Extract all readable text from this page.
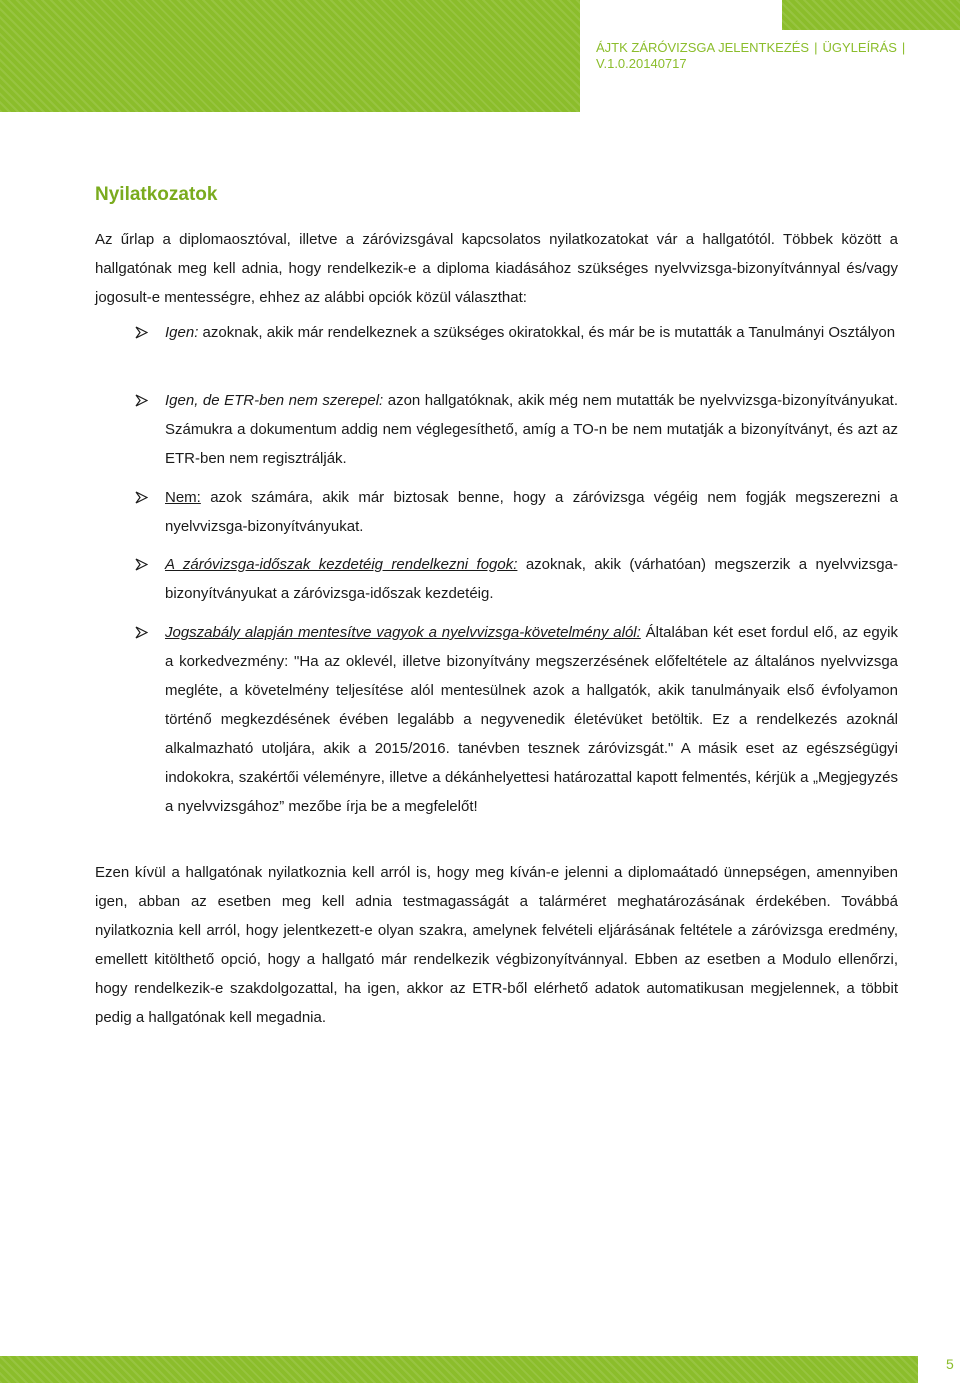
ÁJTK ZÁRÓVIZSGA JELENTKEZÉS | ÜGYLEÍRÁS |
V.1.0.20140717
Nyilatkozatok

Az űrlap a diplomaosztóval, illetve a záróvizsgával kapcsolatos nyilatkozatokat vár a hallgatótól. Többek között a hallgatónak meg kell adnia, hogy rendelkezik-e a diploma kiadásához szükséges nyelvvizsga-bizonyítvánnyal és/vagy jogosult-e mentességre, ehhez az alábbi opciók közül választhat:

Igen: azoknak, akik már rendelkeznek a szükséges okiratokkal, és már be is mutatták a Tanulmányi Osztályon
Igen, de ETR-ben nem szerepel: azon hallgatóknak, akik még nem mutatták be nyelvvizsga-bizonyítványukat. Számukra a dokumentum addig nem véglegesíthető, amíg a TO-n be nem mutatják a bizonyítványt, és azt az ETR-ben nem regisztrálják.
Nem: azok számára, akik már biztosak benne, hogy a záróvizsga végéig nem fogják megszerezni a nyelvvizsga-bizonyítványukat.
A záróvizsga-időszak kezdetéig rendelkezni fogok: azoknak, akik (várhatóan) megszerzik a nyelvvizsga-bizonyítványukat a záróvizsga-időszak kezdetéig.
Jogszabály alapján mentesítve vagyok a nyelvvizsga-követelmény alól: Általában két eset fordul elő, az egyik a korkedvezmény: "Ha az oklevél, illetve bizonyítvány megszerzésének előfeltétele az általános nyelvvizsga megléte, a követelmény teljesítése alól mentesülnek azok a hallgatók, akik tanulmányaik első évfolyamon történő megkezdésének évében legalább a negyvenedik életévüket betöltik. Ez a rendelkezés azoknál alkalmazható utoljára, akik a 2015/2016. tanévben tesznek záróvizsgát." A másik eset az egészségügyi indokokra, szakértői véleményre, illetve a dékánhelyettesi határozattal kapott felmentés, kérjük a „Megjegyzés a nyelvvizsgához” mezőbe írja be a megfelelőt!

Ezen kívül a hallgatónak nyilatkoznia kell arról is, hogy meg kíván-e jelenni a diplomaátadó ünnepségen, amennyiben igen, abban az esetben meg kell adnia testmagasságát a talárméret meghatározásának érdekében. Továbbá nyilatkoznia kell arról, hogy jelentkezett-e olyan szakra, amelynek felvételi eljárásának feltétele a záróvizsga eredmény, emellett kitölthető opció, hogy a hallgató már rendelkezik végbizonyítvánnyal. Ebben az esetben a Modulo ellenőrzi, hogy rendelkezik-e szakdolgozattal, ha igen, akkor az ETR-ből elérhető adatok automatikusan megjelennek, a többit pedig a hallgatónak kell megadnia.

5
